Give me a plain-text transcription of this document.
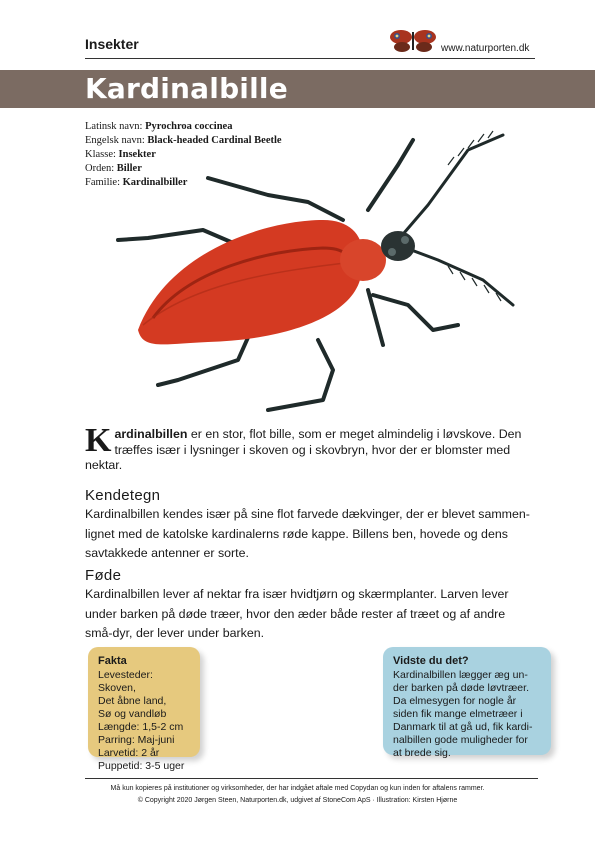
Insekter	www.naturporten.dk
Kardinalbille
Latinsk navn: Pyrochroa coccinea
Engelsk navn: Black-headed Cardinal Beetle
Klasse: Insekter
Orden: Biller
Familie: Kardinalbiller
Kardinalbillen er en stor, flot bille, som er meget almindelig i løvskove. Den træffes især i lysninger i skoven og i skovbryn, hvor der er blomster med nektar.
Kendetegn

Kardinalbillen kendes især på sine flot farvede dækvinger, der er blevet sammen-lignet med de katolske kardinalerns røde kappe. Billens ben, hovede og dens savtakkede antenner er sorte.

Føde

Kardinalbillen lever af nektar fra især hvidtjørn og skærmplanter. Larven lever under barken på døde træer, hvor den æder både rester af træet og af andre små-dyr, der lever under barken.

Fakta
Levesteder: Skoven,
Det åbne land,
Sø og vandløb
Længde: 1,5-2 cm
Parring: Maj-juni
Larvetid: 2 år
Puppetid: 3-5 uger
Vidste du det?
Kardinalbillen lægger æg un-
der barken på døde løvtræer.
Da elmesygen for nogle år
siden fik mange elmetræer i
Danmark til at gå ud, fik kardi-
nalbillen gode muligheder for
at brede sig.
Må kun kopieres på institutioner og virksomheder, der har indgået aftale med Copydan og kun inden for aftalens rammer.
© Copyright 2020 Jørgen Steen, Naturporten.dk, udgivet af StoneCom ApS · Illustration: Kirsten Hjørne
